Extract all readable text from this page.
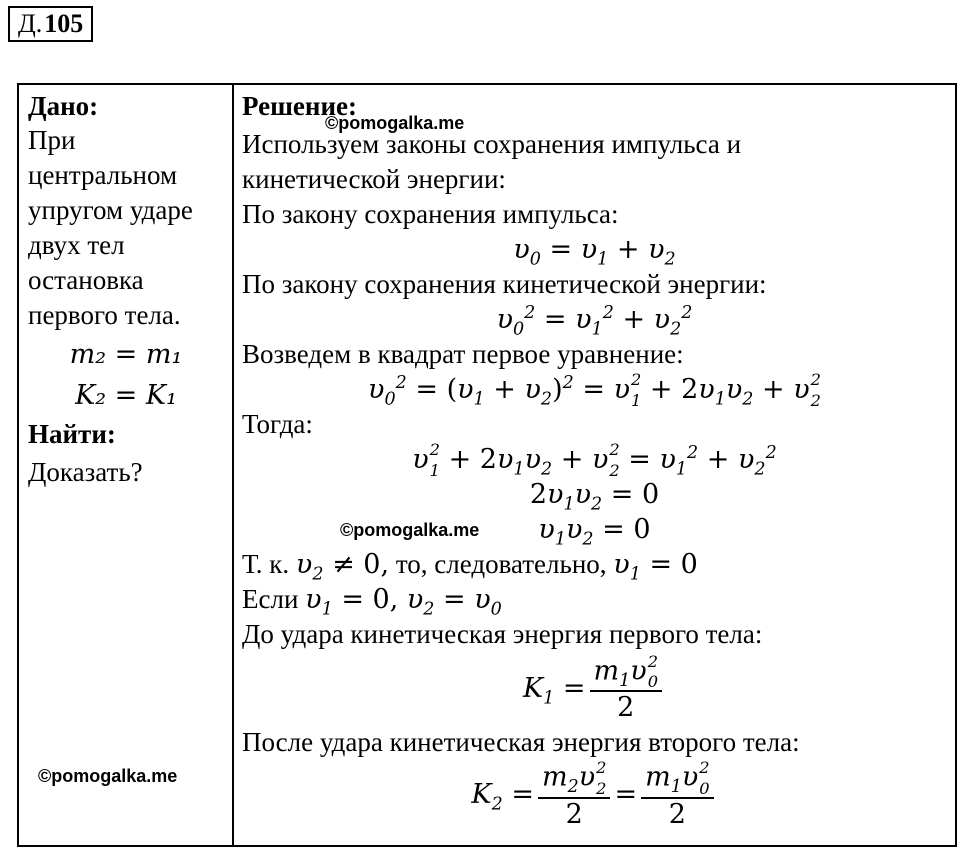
Д. 105
Дано:
При
центральном
упругом ударе
двух тел
остановка
первого тела.
m₂ = m₁
K₂ = K₁
Найти:
Доказать?

Решение:
Используем законы сохранения импульса и
кинетической энергии:
По закону сохранения импульса:
$\upsilon_0 = \upsilon_1 + \upsilon_2$
По закону сохранения кинетической энергии:
$\upsilon_0^2 = \upsilon_1^2 + \upsilon_2^2$
Возведем в квадрат первое уравнение:
$\upsilon_0^2 = (\upsilon_1 + \upsilon_2)^2 = \upsilon$ 2
$1 + 2\upsilon_1\upsilon_2 + \upsilon$ 2
2
Тогда:
υ 2
$1 + 2\upsilon_1\upsilon_2 + \upsilon$ 2
$2 = \upsilon_1^2 + \upsilon_2^2$
$2\upsilon_1\upsilon_2 = 0$
$\upsilon_1\upsilon_2 = 0$
Т. к. $\upsilon_2 \ne 0$, то, следовательно, $\upsilon_1 = 0$
Если $\upsilon_1 = 0$, $\upsilon_2 = \upsilon_0$
До удара кинетическая энергия первого тела:
$K_1 = m_1\upsilon$ 2
0
2
После удара кинетическая энергия второго тела:
$K_2 = m_2\upsilon$ 2
2
$2 = m_1\upsilon$ 2
0
2
©pomogalka.me
©pomogalka.me
©pomogalka.me
